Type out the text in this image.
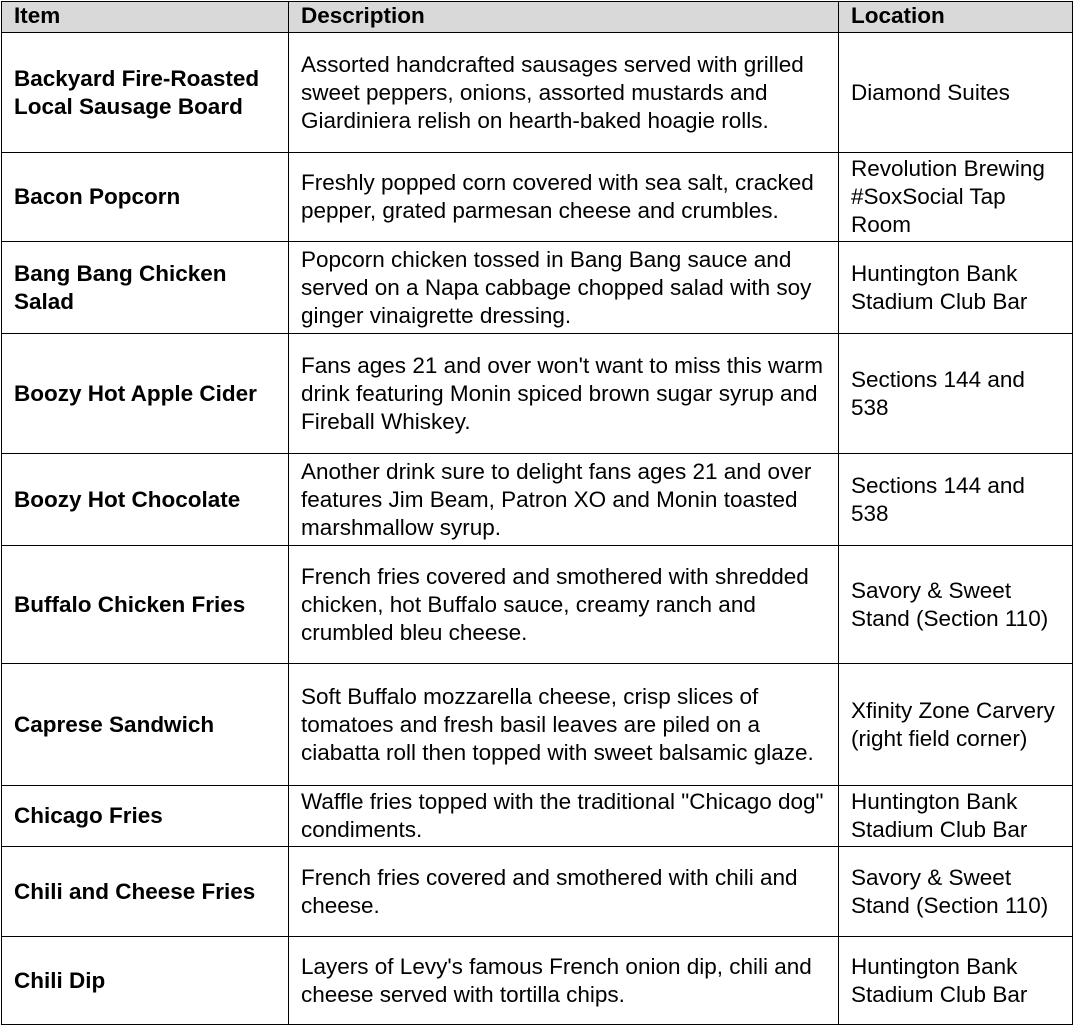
Item	Description	Location
Backyard Fire-Roasted Local Sausage Board	Assorted handcrafted sausages served with grilled sweet peppers, onions, assorted mustards and Giardiniera relish on hearth-baked hoagie rolls.	Diamond Suites
Bacon Popcorn	Freshly popped corn covered with sea salt, cracked pepper, grated parmesan cheese and crumbles.	Revolution Brewing #SoxSocial Tap Room
Bang Bang Chicken Salad	Popcorn chicken tossed in Bang Bang sauce and served on a Napa cabbage chopped salad with soy ginger vinaigrette dressing.	Huntington Bank Stadium Club Bar
Boozy Hot Apple Cider	Fans ages 21 and over won't want to miss this warm drink featuring Monin spiced brown sugar syrup and Fireball Whiskey.	Sections 144 and 538
Boozy Hot Chocolate	Another drink sure to delight fans ages 21 and over features Jim Beam, Patron XO and Monin toasted marshmallow syrup.	Sections 144 and 538
Buffalo Chicken Fries	French fries covered and smothered with shredded chicken, hot Buffalo sauce, creamy ranch and crumbled bleu cheese.	Savory & Sweet Stand (Section 110)
Caprese Sandwich	Soft Buffalo mozzarella cheese, crisp slices of tomatoes and fresh basil leaves are piled on a ciabatta roll then topped with sweet balsamic glaze.	Xfinity Zone Carvery (right field corner)
Chicago Fries	Waffle fries topped with the traditional "Chicago dog" condiments.	Huntington Bank Stadium Club Bar
Chili and Cheese Fries	French fries covered and smothered with chili and cheese.	Savory & Sweet Stand (Section 110)
Chili Dip	Layers of Levy's famous French onion dip, chili and cheese served with tortilla chips.	Huntington Bank Stadium Club Bar
